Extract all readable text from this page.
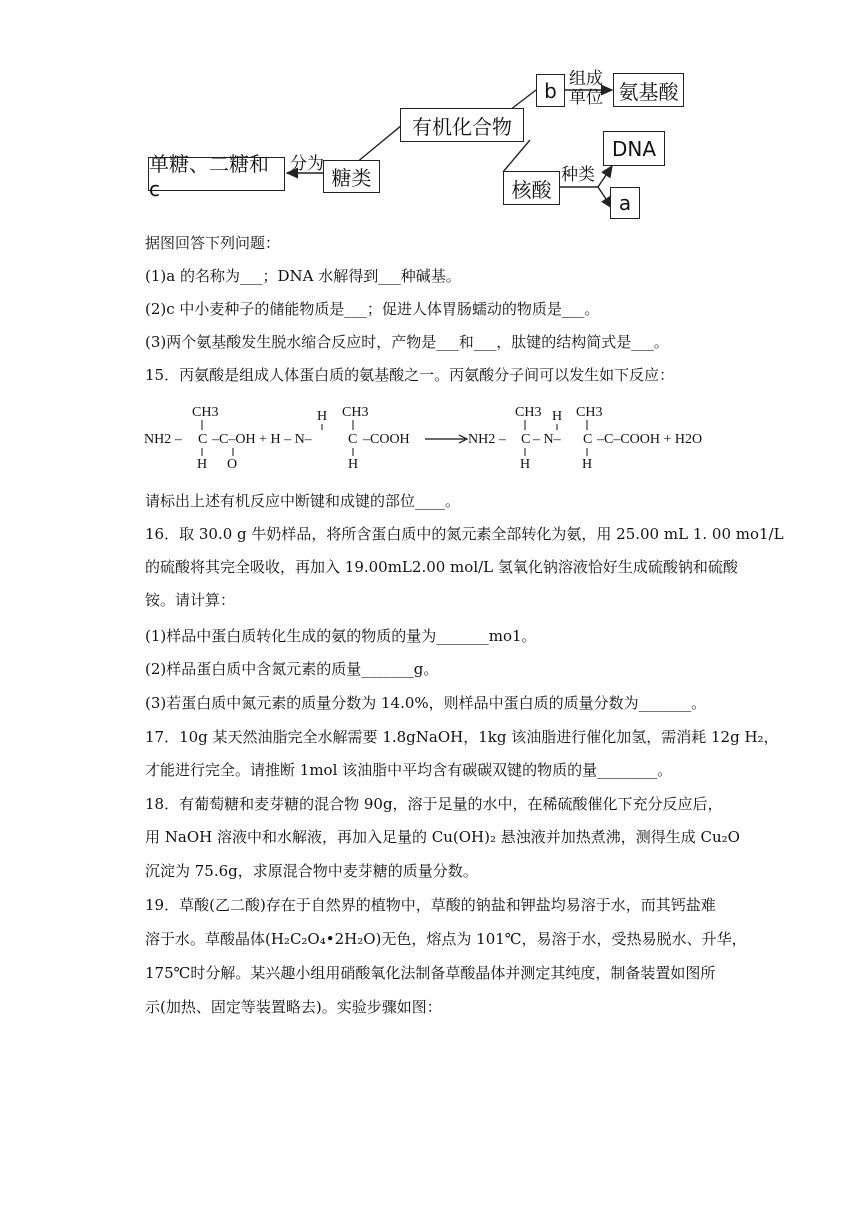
有机化合物
b 组成
单位 氨基酸
糖类
分为
单糖、二糖和 c	核酸
种类
DNA
a
据图回答下列问题：
(1)a 的名称为___；DNA 水解得到___种碱基。
(2)c 中小麦种子的储能物质是___；促进人体胃肠蠕动的物质是___。
(3)两个氨基酸发生脱水缩合反应时，产物是___和___，肽键的结构简式是___。
15．丙氨酸是组成人体蛋白质的氨基酸之一。丙氨酸分子间可以发生如下反应：
CH3
NH2 – C –C–OH + H – N–
H O
H CH3
C –COOH
H
NH2 –
CH3
C
H
H
– N–
CH3
C –C–COOH + H2O
H
请标出上述有机反应中断键和成键的部位____。
16．取 30.0 g 牛奶样品，将所含蛋白质中的氮元素全部转化为氨，用 25.00 mL 1. 00 mo1/L
的硫酸将其完全吸收，再加入 19.00mL2.00 mol/L 氢氧化钠溶液恰好生成硫酸钠和硫酸
铵。请计算：
(1)样品中蛋白质转化生成的氨的物质的量为_______mo1。
(2)样品蛋白质中含氮元素的质量_______g。
(3)若蛋白质中氮元素的质量分数为 14.0%，则样品中蛋白质的质量分数为_______。
17．10g 某天然油脂完全水解需要 1.8gNaOH，1kg 该油脂进行催化加氢，需消耗 12g H₂，
才能进行完全。请推断 1mol 该油脂中平均含有碳碳双键的物质的量________。
18．有葡萄糖和麦芽糖的混合物 90g，溶于足量的水中，在稀硫酸催化下充分反应后，
用 NaOH 溶液中和水解液，再加入足量的 Cu(OH)₂ 悬浊液并加热煮沸，测得生成 Cu₂O
沉淀为 75.6g，求原混合物中麦芽糖的质量分数。
19．草酸(乙二酸)存在于自然界的植物中，草酸的钠盐和钾盐均易溶于水，而其钙盐难
溶于水。草酸晶体(H₂C₂O₄•2H₂O)无色，熔点为 101℃，易溶于水，受热易脱水、升华，
175℃时分解。某兴趣小组用硝酸氧化法制备草酸晶体并测定其纯度，制备装置如图所
示(加热、固定等装置略去)。实验步骤如图：
